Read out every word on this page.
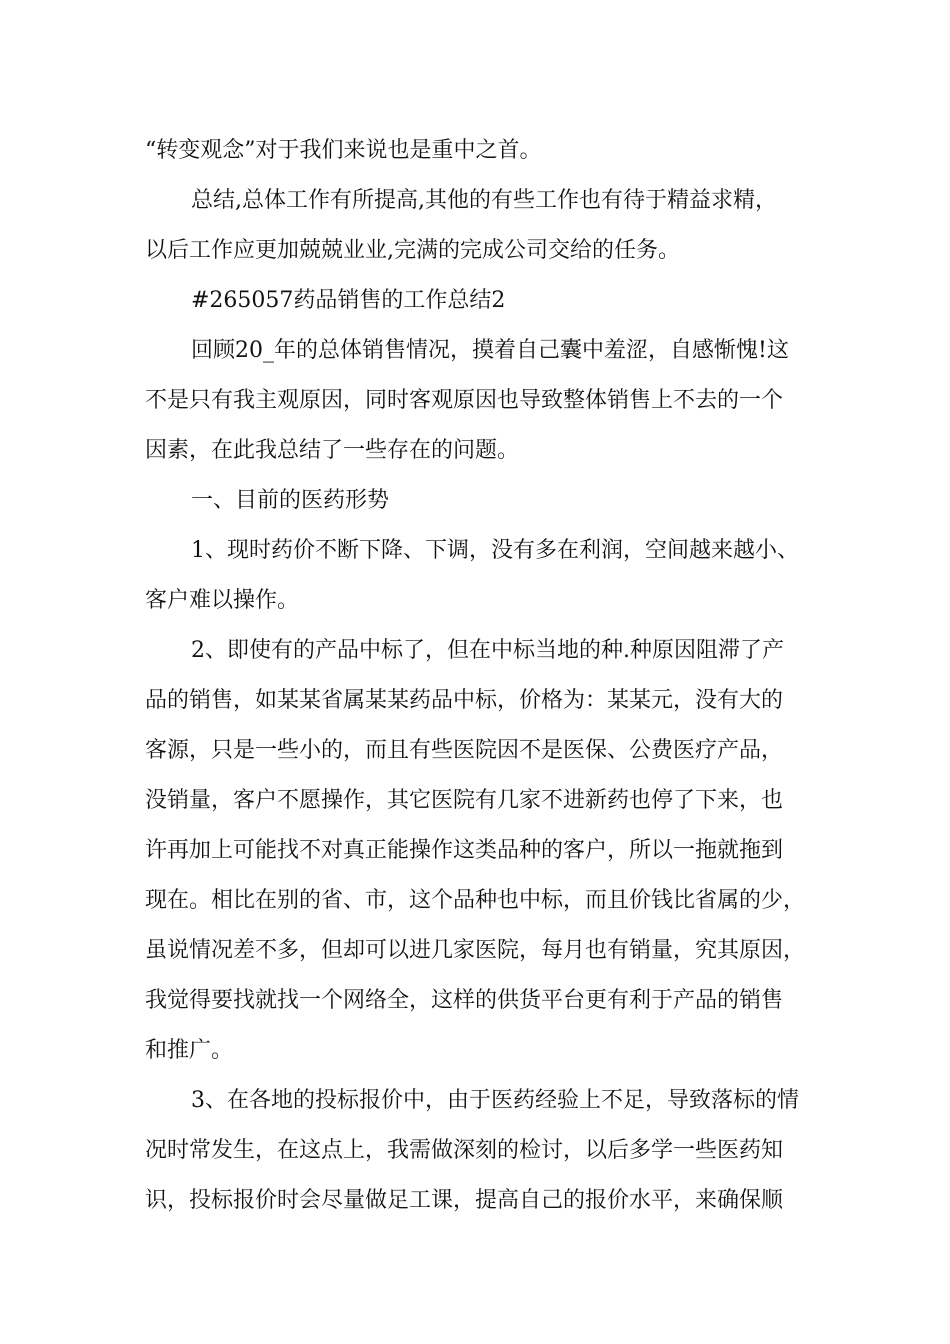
“转变观念”对于我们来说也是重中之首。
总结,总体工作有所提高,其他的有些工作也有待于精益求精，
以后工作应更加兢兢业业,完满的完成公司交给的任务。
#265057药品销售的工作总结2
回顾20_年的总体销售情况，摸着自己囊中羞涩，自感惭愧!这
不是只有我主观原因，同时客观原因也导致整体销售上不去的一个
因素，在此我总结了一些存在的问题。
一、目前的医药形势
1、现时药价不断下降、下调，没有多在利润，空间越来越小、
客户难以操作。
2、即使有的产品中标了，但在中标当地的种.种原因阻滞了产
品的销售，如某某省属某某药品中标，价格为：某某元，没有大的
客源，只是一些小的，而且有些医院因不是医保、公费医疗产品，
没销量，客户不愿操作，其它医院有几家不进新药也停了下来，也
许再加上可能找不对真正能操作这类品种的客户，所以一拖就拖到
现在。相比在别的省、市，这个品种也中标，而且价钱比省属的少，
虽说情况差不多，但却可以进几家医院，每月也有销量，究其原因，
我觉得要找就找一个网络全，这样的供货平台更有利于产品的销售
和推广。
3、在各地的投标报价中，由于医药经验上不足，导致落标的情
况时常发生，在这点上，我需做深刻的检讨，以后多学一些医药知
识，投标报价时会尽量做足工课，提高自己的报价水平，来确保顺
